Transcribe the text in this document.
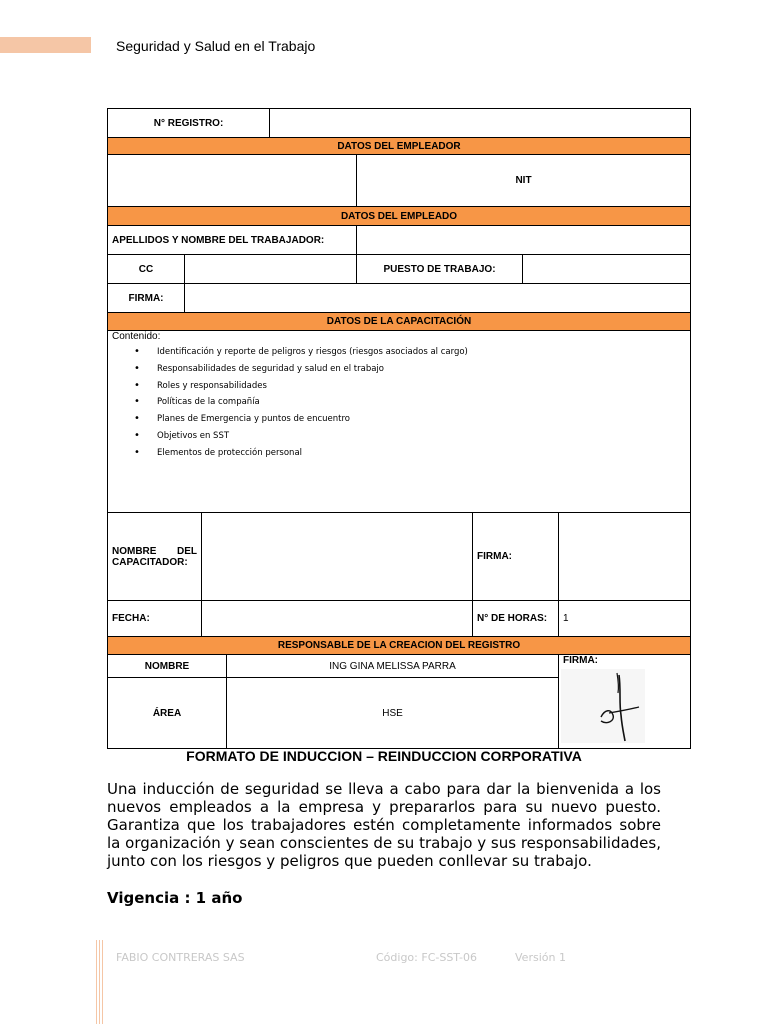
Seguridad y Salud en el Trabajo
N° REGISTRO:	
DATOS DEL EMPLEADOR
	NIT
DATOS DEL EMPLEADO
APELLIDOS Y NOMBRE DEL TRABAJADOR:	
CC		PUESTO DE TRABAJO:	
FIRMA:	
DATOS DE LA CAPACITACIÓN
Contenido:
• Identificación y reporte de peligros y riesgos (riesgos asociados al cargo)
• Responsabilidades de seguridad y salud en el trabajo
• Roles y responsabilidades
• Políticas de la compañía
• Planes de Emergencia y puntos de encuentro
• Objetivos en SST
• Elementos de protección personal
NOMBRE DEL CAPACITADOR:		FIRMA:	
FECHA:		N° DE HORAS:	1
RESPONSABLE DE LA CREACION DEL REGISTRO		
NOMBRE	ING GINA MELISSA PARRA	FIRMA:

ÁREA	HSE	
FORMATO DE INDUCCION – REINDUCCION CORPORATIVA

Una inducción de seguridad se lleva a cabo para dar la bienvenida a los nuevos empleados a la empresa y prepararlos para su nuevo puesto. Garantiza que los trabajadores estén completamente informados sobre la organización y sean conscientes de su trabajo y sus responsabilidades, junto con los riesgos y peligros que pueden conllevar su trabajo.

Vigencia : 1 año
FABIO CONTRERAS SAS	Código: FC-SST-06	Versión 1
